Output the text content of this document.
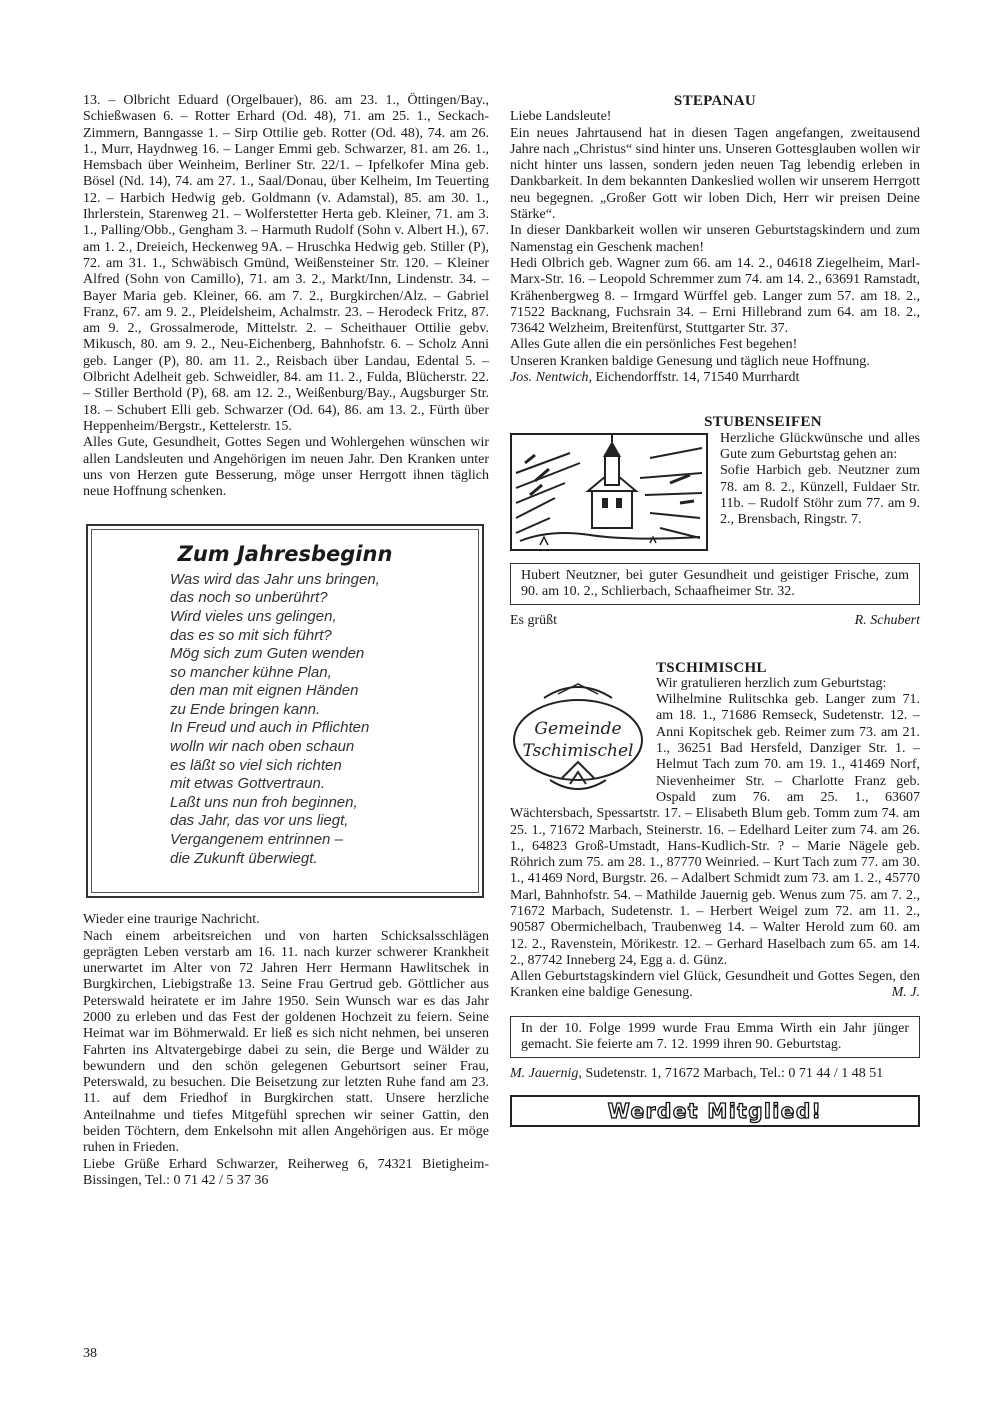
13. – Olbricht Eduard (Orgelbauer), 86. am 23. 1., Öttingen/Bay., Schießwasen 6. – Rotter Erhard (Od. 48), 71. am 25. 1., Seckach-Zimmern, Banngasse 1. – Sirp Ottilie geb. Rotter (Od. 48), 74. am 26. 1., Murr, Haydnweg 16. – Langer Emmi geb. Schwarzer, 81. am 26. 1., Hemsbach über Weinheim, Berliner Str. 22/1. – Ipfelkofer Mina geb. Bösel (Nd. 14), 74. am 27. 1., Saal/Donau, über Kelheim, Im Teuerting 12. – Harbich Hedwig geb. Goldmann (v. Adamstal), 85. am 30. 1., Ihrlerstein, Starenweg 21. – Wolferstetter Herta geb. Kleiner, 71. am 3. 1., Palling/Obb., Gengham 3. – Harmuth Rudolf (Sohn v. Albert H.), 67. am 1. 2., Dreieich, Heckenweg 9A. – Hruschka Hedwig geb. Stiller (P), 72. am 31. 1., Schwäbisch Gmünd, Weißensteiner Str. 120. – Kleiner Alfred (Sohn von Camillo), 71. am 3. 2., Markt/Inn, Lindenstr. 34. – Bayer Maria geb. Kleiner, 66. am 7. 2., Burgkirchen/Alz. – Gabriel Franz, 67. am 9. 2., Pleidelsheim, Achalmstr. 23. – Herodeck Fritz, 87. am 9. 2., Grossalmerode, Mittelstr. 2. – Scheithauer Ottilie gebv. Mikusch, 80. am 9. 2., Neu-Eichenberg, Bahnhofstr. 6. – Scholz Anni geb. Langer (P), 80. am 11. 2., Reisbach über Landau, Edental 5. – Olbricht Adelheit geb. Schweidler, 84. am 11. 2., Fulda, Blücherstr. 22. – Stiller Berthold (P), 68. am 12. 2., Weißenburg/Bay., Augsburger Str. 18. – Schubert Elli geb. Schwarzer (Od. 64), 86. am 13. 2., Fürth über Heppenheim/Bergstr., Kettelerstr. 15.

Alles Gute, Gesundheit, Gottes Segen und Wohlergehen wünschen wir allen Landsleuten und Angehörigen im neuen Jahr. Den Kranken unter uns von Herzen gute Besserung, möge unser Herrgott ihnen täglich neue Hoffnung schenken.

Zum Jahresbeginn
Was wird das Jahr uns bringen,
das noch so unberührt?
Wird vieles uns gelingen,
das es so mit sich führt?
Mög sich zum Guten wenden
so mancher kühne Plan,
den man mit eignen Händen
zu Ende bringen kann.
In Freud und auch in Pflichten
wolln wir nach oben schaun
es läßt so viel sich richten
mit etwas Gottvertraun.
Laßt uns nun froh beginnen,
das Jahr, das vor uns liegt,
Vergangenem entrinnen –
die Zukunft überwiegt.

Wieder eine traurige Nachricht.

Nach einem arbeitsreichen und von harten Schicksalsschlägen geprägten Leben verstarb am 16. 11. nach kurzer schwerer Krankheit unerwartet im Alter von 72 Jahren Herr Hermann Hawlitschek in Burgkirchen, Liebigstraße 13. Seine Frau Gertrud geb. Göttlicher aus Peterswald heiratete er im Jahre 1950. Sein Wunsch war es das Jahr 2000 zu erleben und das Fest der goldenen Hochzeit zu feiern. Seine Heimat war im Böhmerwald. Er ließ es sich nicht nehmen, bei unseren Fahrten ins Altvatergebirge dabei zu sein, die Berge und Wälder zu bewundern und den schön gelegenen Geburtsort seiner Frau, Peterswald, zu besuchen. Die Beisetzung zur letzten Ruhe fand am 23. 11. auf dem Friedhof in Burgkirchen statt. Unsere herzliche Anteilnahme und tiefes Mitgefühl sprechen wir seiner Gattin, den beiden Töchtern, dem Enkelsohn mit allen Angehörigen aus. Er möge ruhen in Frieden.

Liebe Grüße Erhard Schwarzer, Reiherweg 6, 74321 Bietigheim-Bissingen, Tel.: 0 71 42 / 5 37 36

STEPANAU

Liebe Landsleute!

Ein neues Jahrtausend hat in diesen Tagen angefangen, zweitausend Jahre nach „Christus“ sind hinter uns. Unseren Gottesglauben wollen wir nicht hinter uns lassen, sondern jeden neuen Tag lebendig erleben in Dankbarkeit. In dem bekannten Dankeslied wollen wir unserem Herrgott neu begegnen. „Großer Gott wir loben Dich, Herr wir preisen Deine Stärke“.

In dieser Dankbarkeit wollen wir unseren Geburtstagskindern und zum Namenstag ein Geschenk machen!

Hedi Olbrich geb. Wagner zum 66. am 14. 2., 04618 Ziegelheim, Marl-Marx-Str. 16. – Leopold Schremmer zum 74. am 14. 2., 63691 Ramstadt, Krähenbergweg 8. – Irmgard Würffel geb. Langer zum 57. am 18. 2., 71522 Backnang, Fuchsrain 34. – Erni Hillebrand zum 64. am 18. 2., 73642 Welzheim, Breitenfürst, Stuttgarter Str. 37.

Alles Gute allen die ein persönliches Fest begehen!

Unseren Kranken baldige Genesung und täglich neue Hoffnung.

Jos. Nentwich, Eichendorffstr. 14, 71540 Murrhardt

STUBENSEIFEN

Herzliche Glückwünsche und alles Gute zum Geburtstag gehen an:

Sofie Harbich geb. Neutzner zum 78. am 8. 2., Künzell, Fuldaer Str. 11b. – Rudolf Stöhr zum 77. am 9. 2., Brensbach, Ringstr. 7.

Hubert Neutzner, bei guter Gesundheit und geistiger Frische, zum 90. am 10. 2., Schlierbach, Schaafheimer Str. 32.

Es grüßt	R. Schubert
TSCHIMISCHL
Gemeinde
Tschimischel

Wir gratulieren herzlich zum Geburtstag:

Wilhelmine Rulitschka geb. Langer zum 71. am 18. 1., 71686 Remseck, Sudetenstr. 12. – Anni Kopitschek geb. Reimer zum 73. am 21. 1., 36251 Bad Hersfeld, Danziger Str. 1. – Helmut Tach zum 70. am 19. 1., 41469 Norf, Nievenheimer Str. – Charlotte Franz geb. Ospald zum 76. am 25. 1., 63607 Wächtersbach, Spessartstr. 17. – Elisabeth Blum geb. Tomm zum 74. am 25. 1., 71672 Marbach, Steinerstr. 16. – Edelhard Leiter zum 74. am 26. 1., 64823 Groß-Umstadt, Hans-Kudlich-Str. ? – Marie Nägele geb. Röhrich zum 75. am 28. 1., 87770 Weinried. – Kurt Tach zum 77. am 30. 1., 41469 Nord, Burgstr. 26. – Adalbert Schmidt zum 73. am 1. 2., 45770 Marl, Bahnhofstr. 54. – Mathilde Jauernig geb. Wenus zum 75. am 7. 2., 71672 Marbach, Sudetenstr. 1. – Herbert Weigel zum 72. am 11. 2., 90587 Obermichelbach, Traubenweg 14. – Walter Herold zum 60. am 12. 2., Ravenstein, Mörikestr. 12. – Gerhard Haselbach zum 65. am 14. 2., 87742 Inneberg 24, Egg a. d. Günz.

Allen Geburtstagskindern viel Glück, Gesundheit und Gottes Segen, den Kranken eine baldige Genesung.	M. J.

In der 10. Folge 1999 wurde Frau Emma Wirth ein Jahr jünger gemacht. Sie feierte am 7. 12. 1999 ihren 90. Geburtstag.

M. Jauernig, Sudetenstr. 1, 71672 Marbach, Tel.: 0 71 44 / 1 48 51

Werdet Mitglied!
38
